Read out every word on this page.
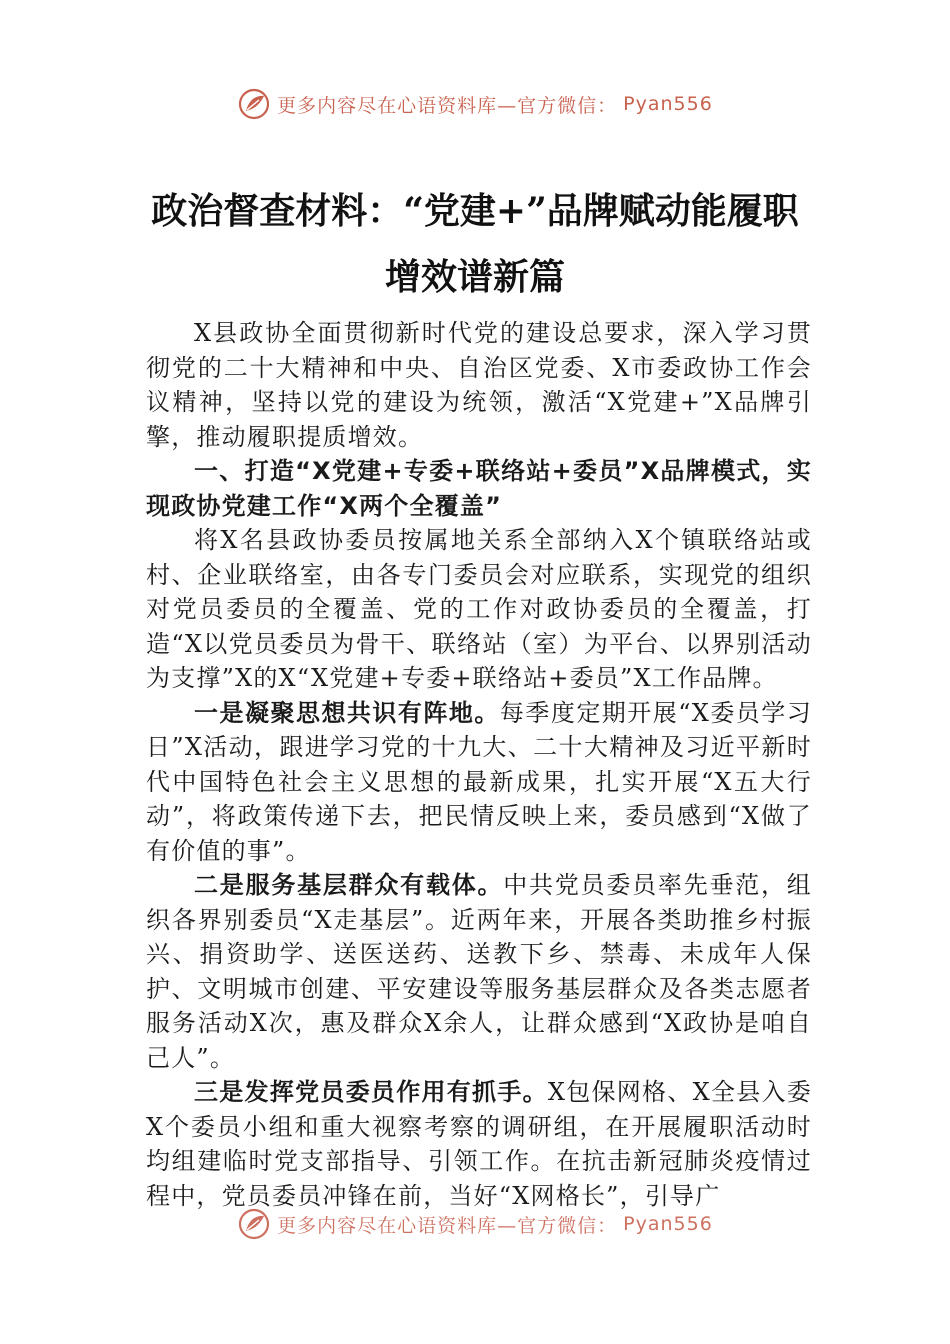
更多内容尽在心语资料库—官方微信： Pyan556
政治督查材料：“党建+”品牌赋动能履职
增效谱新篇

X县政协全面贯彻新时代党的建设总要求，深入学习贯彻党的二十大精神和中央、自治区党委、X市委政协工作会议精神，坚持以党的建设为统领，激活“X党建+”X品牌引擎，推动履职提质增效。

一、打造“X党建+专委+联络站+委员”X品牌模式，实现政协党建工作“X两个全覆盖”

将X名县政协委员按属地关系全部纳入X个镇联络站或村、企业联络室，由各专门委员会对应联系，实现党的组织对党员委员的全覆盖、党的工作对政协委员的全覆盖，打造“X以党员委员为骨干、联络站（室）为平台、以界别活动为支撑”X的X“X党建+专委+联络站+委员”X工作品牌。

一是凝聚思想共识有阵地。每季度定期开展“X委员学习日”X活动，跟进学习党的十九大、二十大精神及习近平新时代中国特色社会主义思想的最新成果，扎实开展“X五大行动”，将政策传递下去，把民情反映上来，委员感到“X做了有价值的事”。

二是服务基层群众有载体。中共党员委员率先垂范，组织各界别委员“X走基层”。近两年来，开展各类助推乡村振兴、捐资助学、送医送药、送教下乡、禁毒、未成年人保护、文明城市创建、平安建设等服务基层群众及各类志愿者服务活动X次，惠及群众X余人，让群众感到“X政协是咱自己人”。

三是发挥党员委员作用有抓手。X包保网格、X全县入委X个委员小组和重大视察考察的调研组，在开展履职活动时均组建临时党支部指导、引领工作。在抗击新冠肺炎疫情过程中，党员委员冲锋在前，当好“X网格长”，引导广

更多内容尽在心语资料库—官方微信： Pyan556
